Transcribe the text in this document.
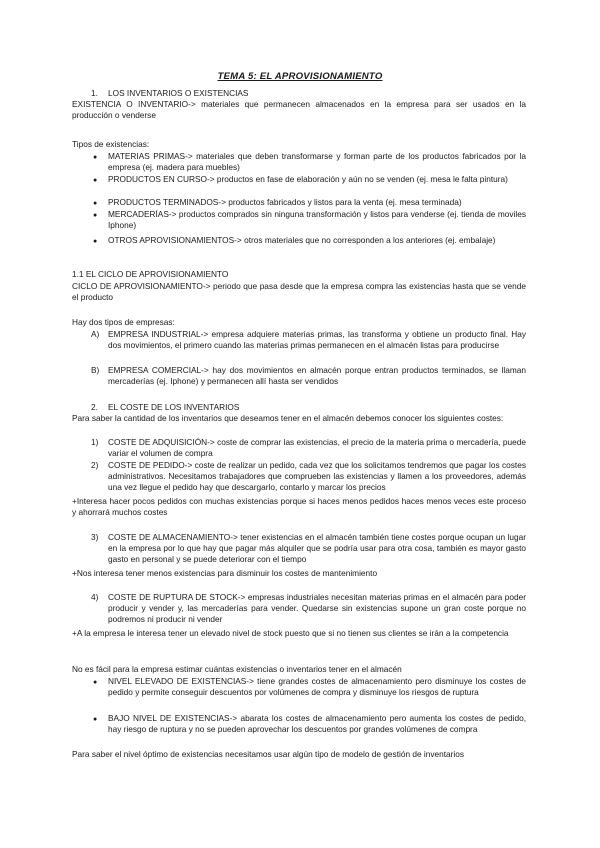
TEMA 5: EL APROVISIONAMIENTO
1. LOS INVENTARIOS O EXISTENCIAS
EXISTENCIA O INVENTARIO-> materiales que permanecen almacenados en la empresa para ser usados en la producción o venderse
Tipos de existencias:
● MATERIAS PRIMAS-> materiales que deben transformarse y forman parte de los productos fabricados por la empresa (ej. madera para muebles)
● PRODUCTOS EN CURSO-> productos en fase de elaboración y aún no se venden (ej. mesa le falta pintura)
● PRODUCTOS TERMINADOS-> productos fabricados y listos para la venta (ej. mesa terminada)
● MERCADERÍAS-> productos comprados sin ninguna transformación y listos para venderse (ej. tienda de moviles Iphone)
● OTROS APROVISIONAMIENTOS-> otros materiales que no corresponden a los anteriores (ej. embalaje)
1.1 EL CICLO DE APROVISIONAMIENTO
CICLO DE APROVISIONAMIENTO-> periodo que pasa desde que la empresa compra las existencias hasta que se vende el producto
Hay dos tipos de empresas:
A) EMPRESA INDUSTRIAL-> empresa adquiere materias primas, las transforma y obtiene un producto final. Hay dos movimientos, el primero cuando las materias primas permanecen en el almacén listas para producirse
B) EMPRESA COMERCIAL-> hay dos movimientos en almacén porque entran productos terminados, se llaman mercaderías (ej. Iphone) y permanecen allí hasta ser vendidos
2. EL COSTE DE LOS INVENTARIOS
Para saber la cantidad de los inventarios que deseamos tener en el almacén debemos conocer los siguientes costes:
1) COSTE DE ADQUISICIÓN-> coste de comprar las existencias, el precio de la materia prima o mercadería, puede variar el volumen de compra
2) COSTE DE PEDIDO-> coste de realizar un pedido, cada vez que los solicitamos tendremos que pagar los costes administrativos. Necesitamos trabajadores que comprueben las existencias y llamen a los proveedores, además una vez llegue el pedido hay que descargarlo, contarlo y marcar los precios
+Interesa hacer pocos pedidos con muchas existencias porque si haces menos pedidos haces menos veces este proceso y ahorrará muchos costes
3) COSTE DE ALMACENAMIENTO-> tener existencias en el almacén también tiene costes porque ocupan un lugar en la empresa por lo que hay que pagar más alquiler que se podría usar para otra cosa, también es mayor gasto gasto en personal y se puede deteriorar con el tiempo
+Nos interesa tener menos existencias para disminuir los costes de mantenimiento
4) COSTE DE RUPTURA DE STOCK-> empresas industriales necesitan materias primas en el almacén para poder producir y vender y, las mercaderías para vender. Quedarse sin existencias supone un gran coste porque no podremos ni producir ni vender
+A la empresa le interesa tener un elevado nivel de stock puesto que si no tienen sus clientes se irán a la competencia
No es fácil para la empresa estimar cuántas existencias o inventarios tener en el almacén
● NIVEL ELEVADO DE EXISTENCIAS-> tiene grandes costes de almacenamiento pero disminuye los costes de pedido y permite conseguir descuentos por volúmenes de compra y disminuye los riesgos de ruptura
● BAJO NIVEL DE EXISTENCIAS-> abarata los costes de almacenamiento pero aumenta los costes de pedido, hay riesgo de ruptura y no se pueden aprovechar los descuentos por grandes volúmenes de compra
Para saber el nivel óptimo de existencias necesitamos usar algún tipo de modelo de gestión de inventarios
